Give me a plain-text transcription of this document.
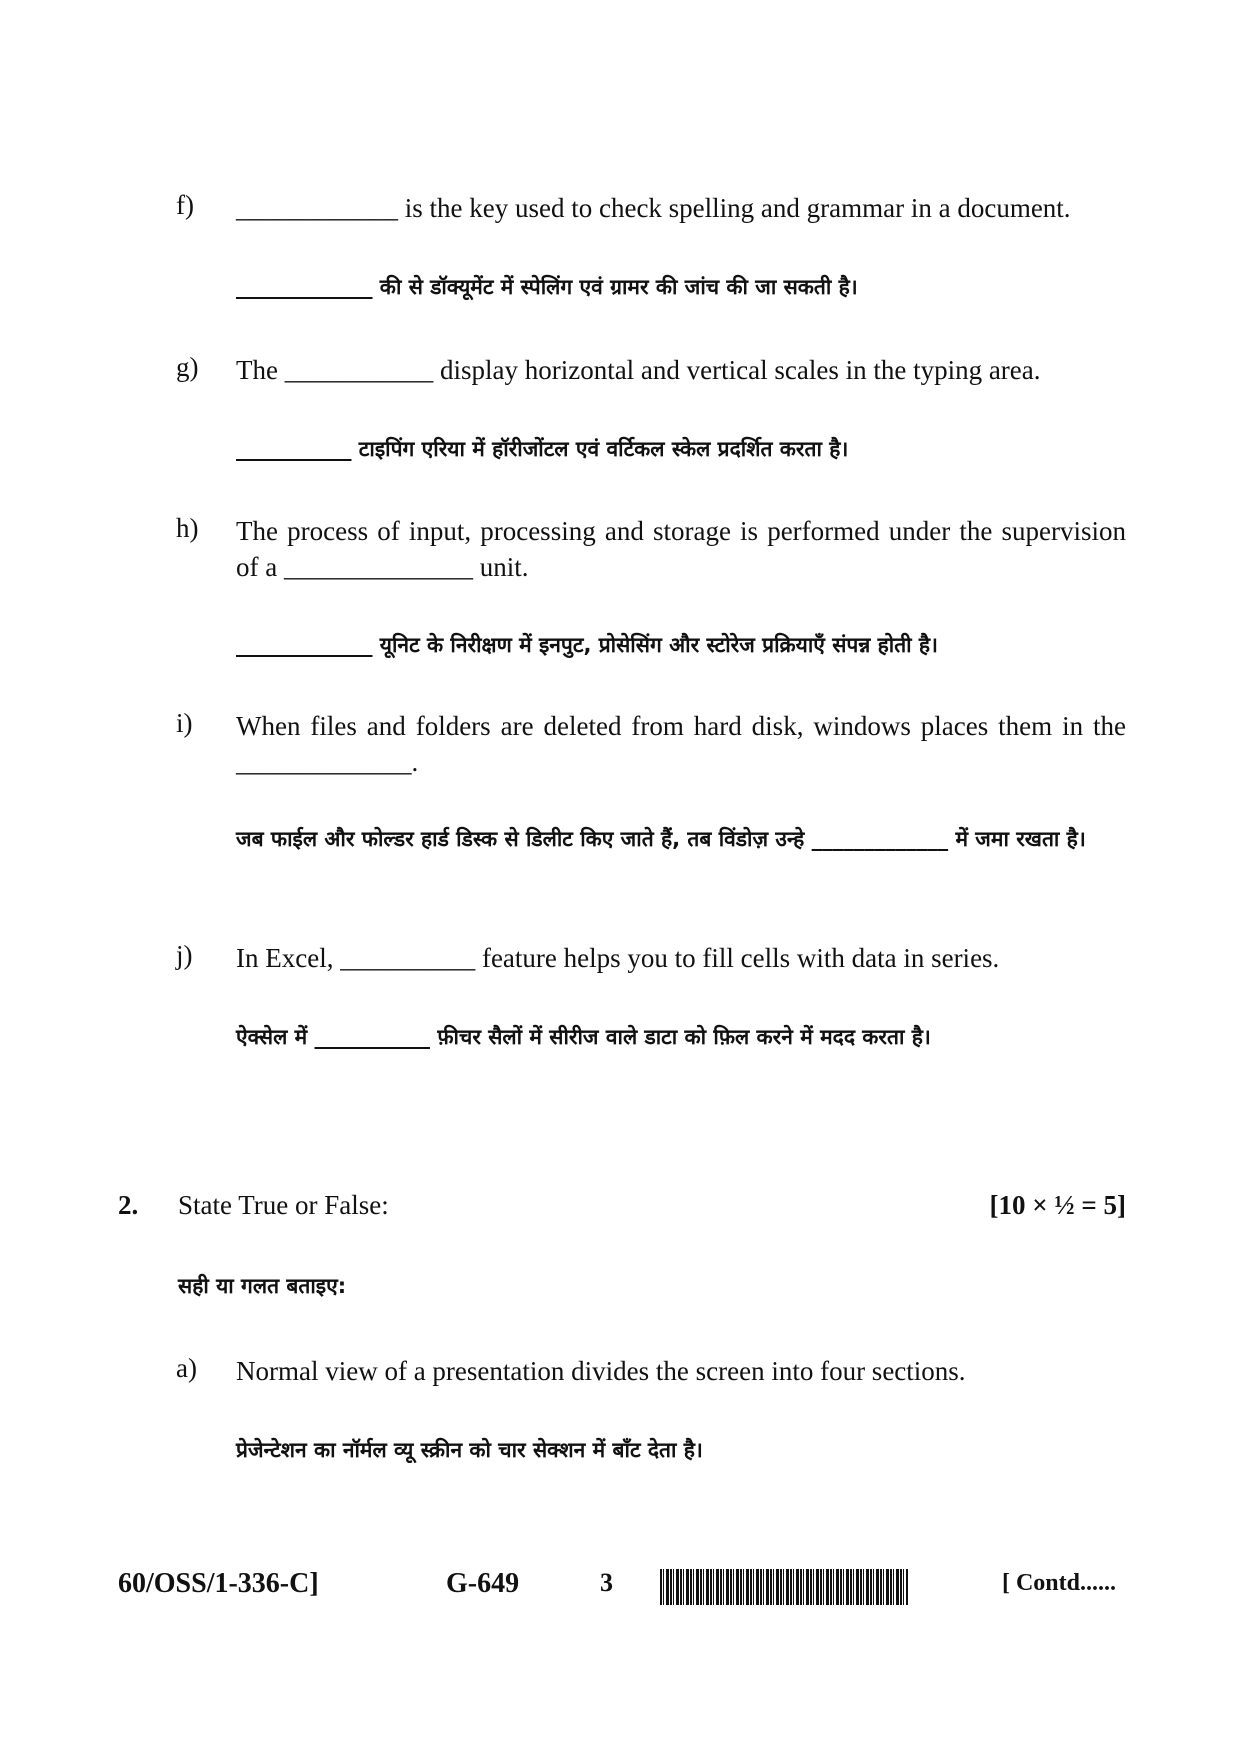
f) ____________ is the key used to check spelling and grammar in a document.
_____________ की से डॉक्यूमेंट में स्पेलिंग एवं ग्रामर की जांच की जा सकती है।
g) The ___________ display horizontal and vertical scales in the typing area.
___________ टाइपिंग एरिया में हॉरीजोंटल एवं वर्टिकल स्केल प्रदर्शित करता है।
h) The process of input, processing and storage is performed under the supervision of a ______________ unit.
_____________ यूनिट के निरीक्षण में इनपुट, प्रोसेसिंग और स्टोरेज प्रक्रियाएँ संपन्न होती है।
i) When files and folders are deleted from hard disk, windows places them in the _____________.
जब फाईल और फोल्डर हार्ड डिस्क से डिलीट किए जाते हैं, तब विंडोज़ उन्हे _____________ में जमा रखता है।
j) In Excel, __________ feature helps you to fill cells with data in series.
ऐक्सेल में ___________ फ़ीचर सैलों में सीरीज वाले डाटा को फ़िल करने में मदद करता है।
2. State True or False:	[10 × ½ = 5]
सही या गलत बताइए:
a) Normal view of a presentation divides the screen into four sections.
प्रेजेन्टेशन का नॉर्मल व्यू स्क्रीन को चार सेक्शन में बाँट देता है।
60/OSS/1-336-C]	G-649	3	[ Contd......
